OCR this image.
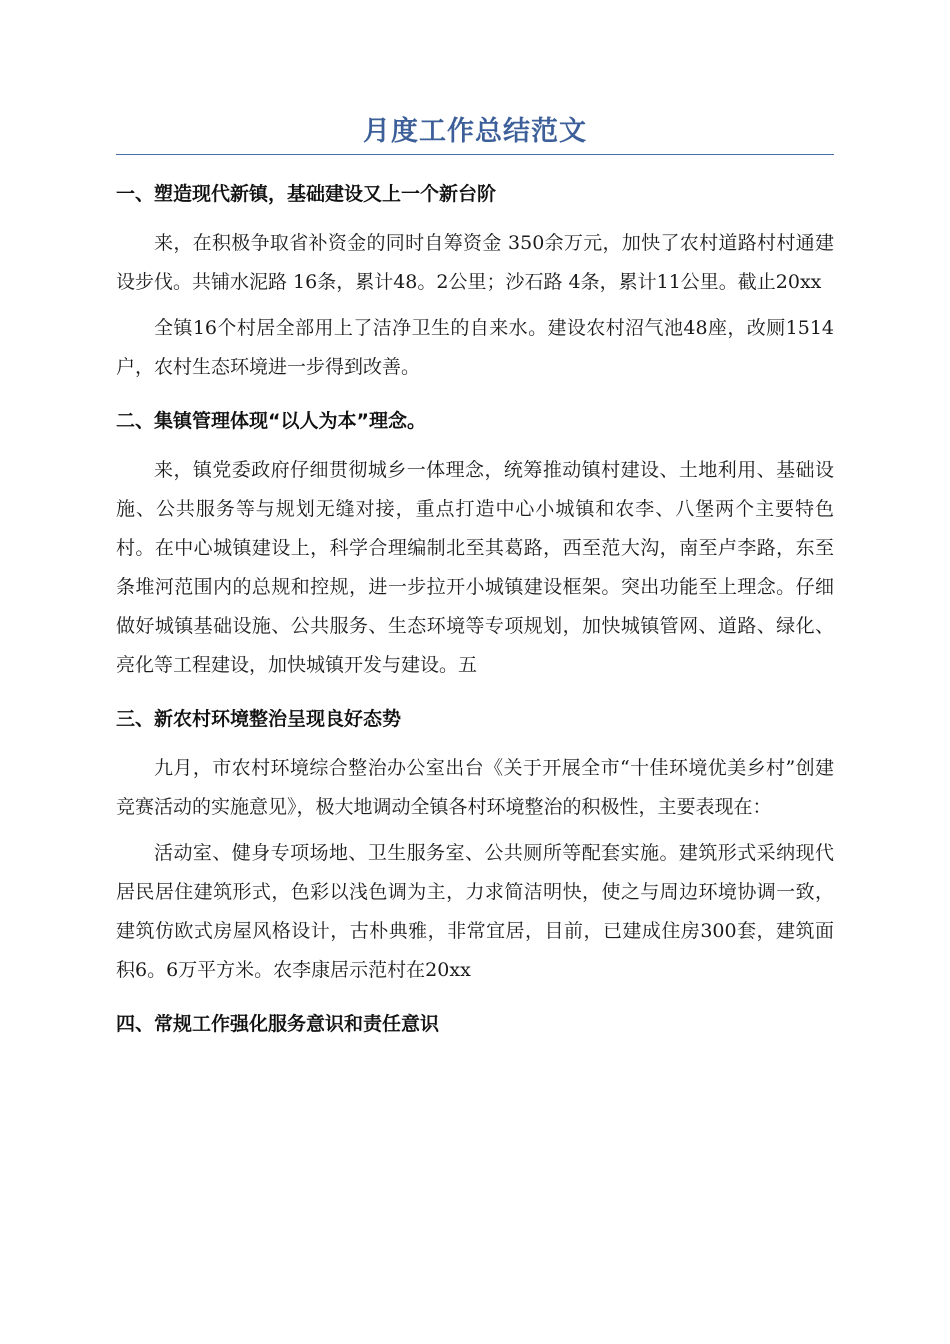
月度工作总结范文
一、塑造现代新镇，基础建设又上一个新台阶

来，在积极争取省补资金的同时自筹资金 350余万元，加快了农村道路村村通建设步伐。共铺水泥路 16条，累计48。2公里；沙石路 4条，累计11公里。截止20xx

全镇16个村居全部用上了洁净卫生的自来水。建设农村沼气池48座，改厕1514户，农村生态环境进一步得到改善。

二、集镇管理体现“以人为本”理念。

来，镇党委政府仔细贯彻城乡一体理念，统筹推动镇村建设、土地利用、基础设施、公共服务等与规划无缝对接，重点打造中心小城镇和农李、八堡两个主要特色村。在中心城镇建设上，科学合理编制北至其葛路，西至范大沟，南至卢李路，东至条堆河范围内的总规和控规，进一步拉开小城镇建设框架。突出功能至上理念。仔细做好城镇基础设施、公共服务、生态环境等专项规划，加快城镇管网、道路、绿化、亮化等工程建设，加快城镇开发与建设。五

三、新农村环境整治呈现良好态势

九月，市农村环境综合整治办公室出台《关于开展全市“十佳环境优美乡村”创建竞赛活动的实施意见》，极大地调动全镇各村环境整治的积极性，主要表现在：

活动室、健身专项场地、卫生服务室、公共厕所等配套实施。建筑形式采纳现代居民居住建筑形式，色彩以浅色调为主，力求简洁明快，使之与周边环境协调一致，建筑仿欧式房屋风格设计，古朴典雅，非常宜居，目前，已建成住房300套，建筑面积6。6万平方米。农李康居示范村在20xx

四、常规工作强化服务意识和责任意识
